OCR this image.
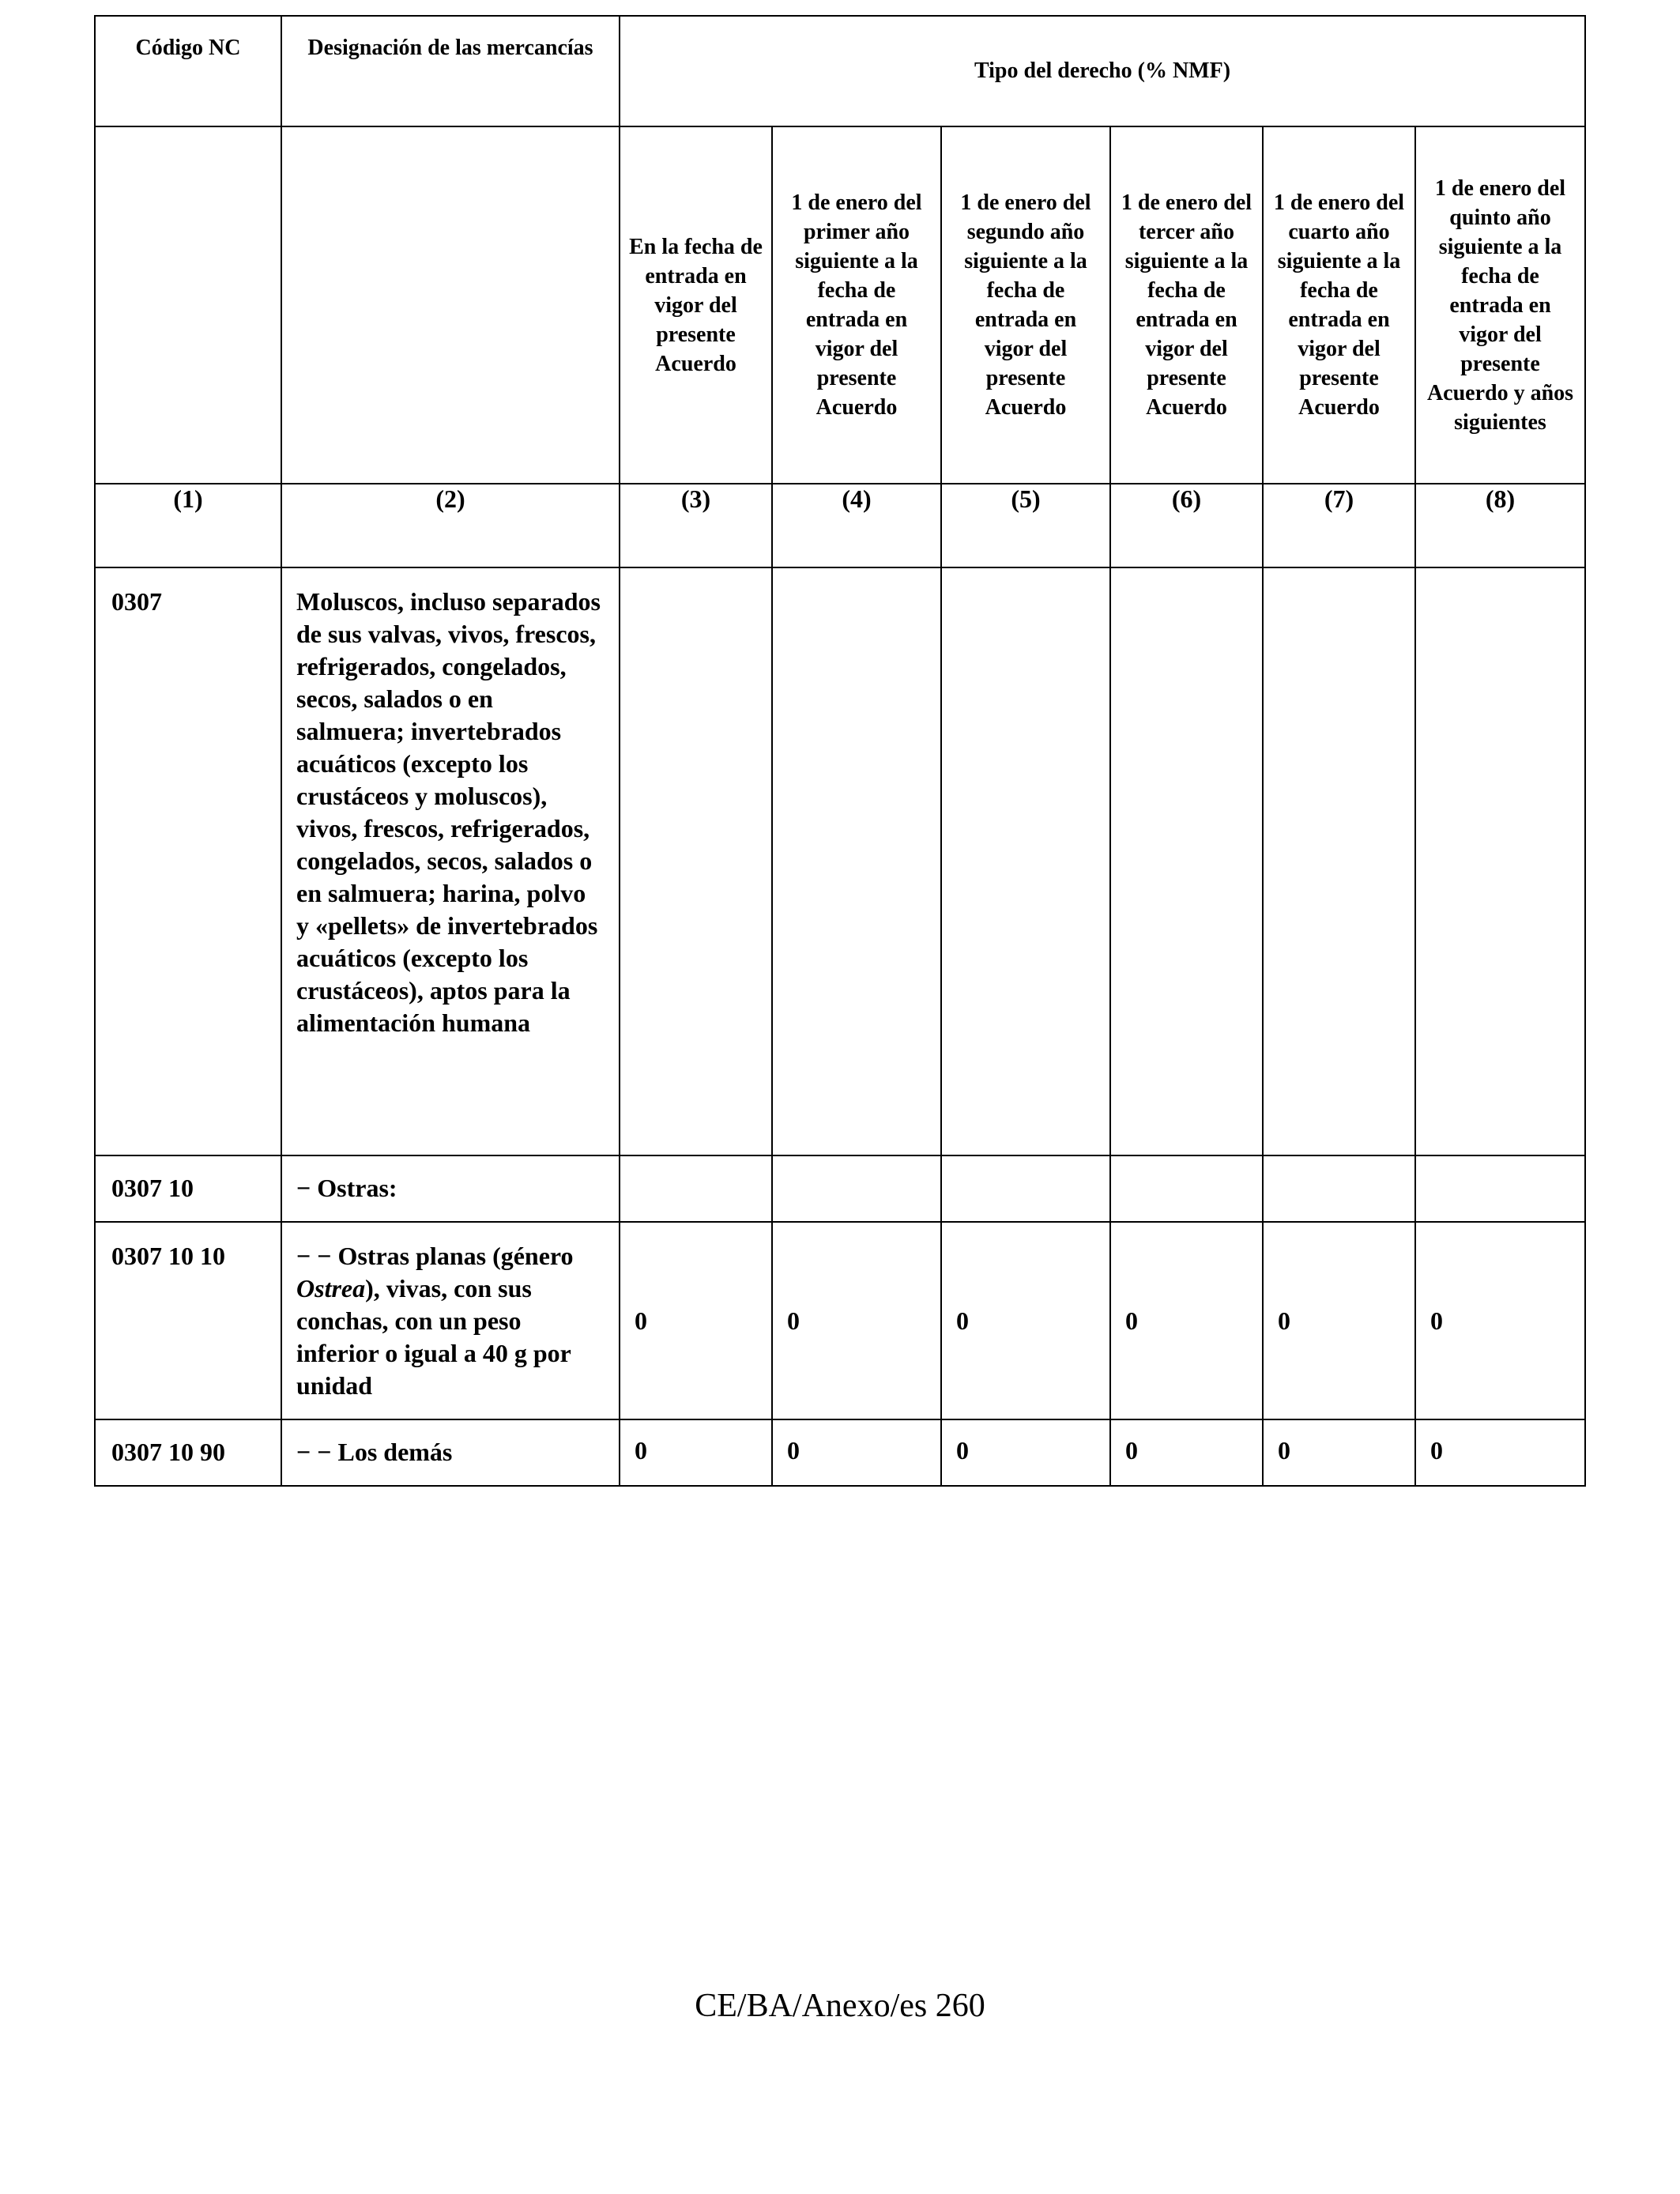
Código NC	Designación de las mercancías	Tipo del derecho (% NMF)					
		En la fecha de entrada en vigor del presente Acuerdo	1 de enero del primer año siguiente a la fecha de entrada en vigor del presente Acuerdo	1 de enero del segundo año siguiente a la fecha de entrada en vigor del presente Acuerdo	1 de enero del tercer año siguiente a la fecha de entrada en vigor del presente Acuerdo	1 de enero del cuarto año siguiente a la fecha de entrada en vigor del presente Acuerdo	1 de enero del quinto año siguiente a la fecha de entrada en vigor del presente Acuerdo y años siguientes
(1)	(2)	(3)	(4)	(5)	(6)	(7)	(8)
0307	Moluscos, incluso separados de sus valvas, vivos, frescos, refrigerados, congelados, secos, salados o en salmuera; invertebrados acuáticos (excepto los crustáceos y moluscos), vivos, frescos, refrigerados, congelados, secos, salados o en salmuera; harina, polvo y «pellets» de invertebrados acuáticos (excepto los crustáceos), aptos para la alimentación humana						
0307 10	− Ostras:						
0307 10 10	− − Ostras planas (género Ostrea), vivas, con sus conchas, con un peso inferior o igual a 40 g por unidad	0	0	0	0	0	0
0307 10 90	− − Los demás	0	0	0	0	0	0
CE/BA/Anexo/es 260
